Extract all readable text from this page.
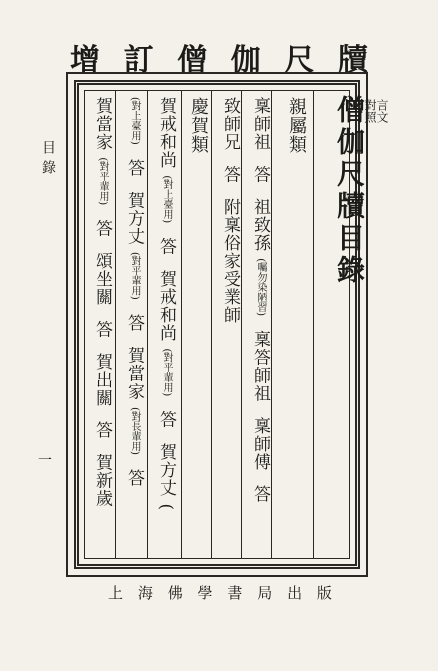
增 訂 僧 伽 尺 牘
目錄
一
言文
對照
僧伽尺牘目錄
親屬類
稟師祖 答 祖致孫 (囑勿染陋習) 稟答師祖 稟師傅 答
致師兄 答 附稟俗家受業師
慶賀類
賀戒和尚 (對上臺用) 答 賀戒和尚 (對平輩用) 答 賀方丈 (
(對上臺用) 答 賀方丈 (對平輩用) 答 賀當家 (對長輩用) 答
賀當家 (對平輩用) 答 頌坐關 答 賀出關 答 賀新歲
上 海 佛 學 書 局 出 版
